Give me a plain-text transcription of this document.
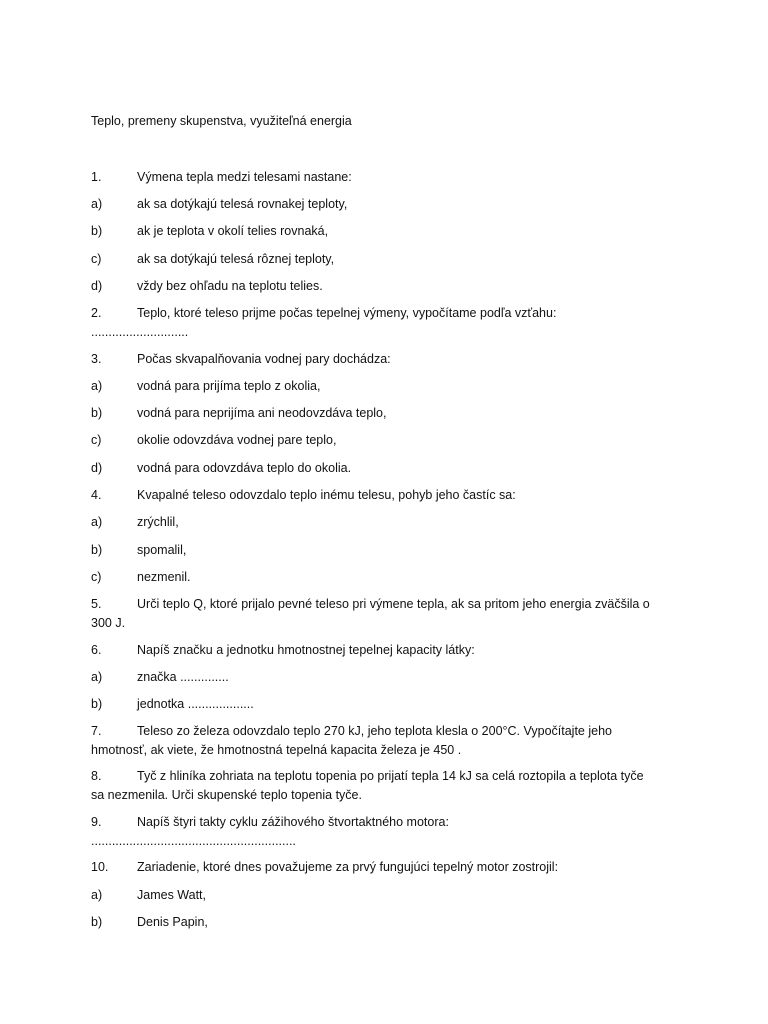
Teplo, premeny skupenstva, využiteľná energia
1.	Výmena tepla medzi telesami nastane:
a)	ak sa dotýkajú telesá rovnakej teploty,
b)	ak je teplota v okolí telies rovnaká,
c)	ak sa dotýkajú telesá rôznej teploty,
d)	vždy bez ohľadu na teplotu telies.
2.	Teplo, ktoré teleso prijme počas tepelnej výmeny, vypočítame podľa vzťahu:
............................
3.	Počas skvapalňovania vodnej pary dochádza:
a)	vodná para prijíma teplo z okolia,
b)	vodná para neprijíma ani neodovzdáva teplo,
c)	okolie odovzdáva vodnej pare teplo,
d)	vodná para odovzdáva teplo do okolia.
4.	Kvapalné teleso odovzdalo teplo inému telesu, pohyb jeho častíc sa:
a)	zrýchlil,
b)	spomalil,
c)	nezmenil.
5.	Urči teplo Q, ktoré prijalo pevné teleso pri výmene tepla, ak sa pritom jeho energia zväčšila o
300 J.
6.	Napíš značku a jednotku hmotnostnej tepelnej kapacity látky:
a)	značka ..............
b)	jednotka ...................
7.	Teleso zo železa odovzdalo teplo 270 kJ, jeho teplota klesla o 200°C. Vypočítajte jeho
hmotnosť, ak viete, že hmotnostná tepelná kapacita železa je 450 .
8.	Tyč z hliníka zohriata na teplotu topenia po prijatí tepla 14 kJ sa celá roztopila a teplota tyče
sa nezmenila. Urči skupenské teplo topenia tyče.
9.	Napíš štyri takty cyklu zážihového štvortaktného motora:
...........................................................
10. Zariadenie, ktoré dnes považujeme za prvý fungujúci tepelný motor zostrojil:
a)	James Watt,
b)	Denis Papin,
